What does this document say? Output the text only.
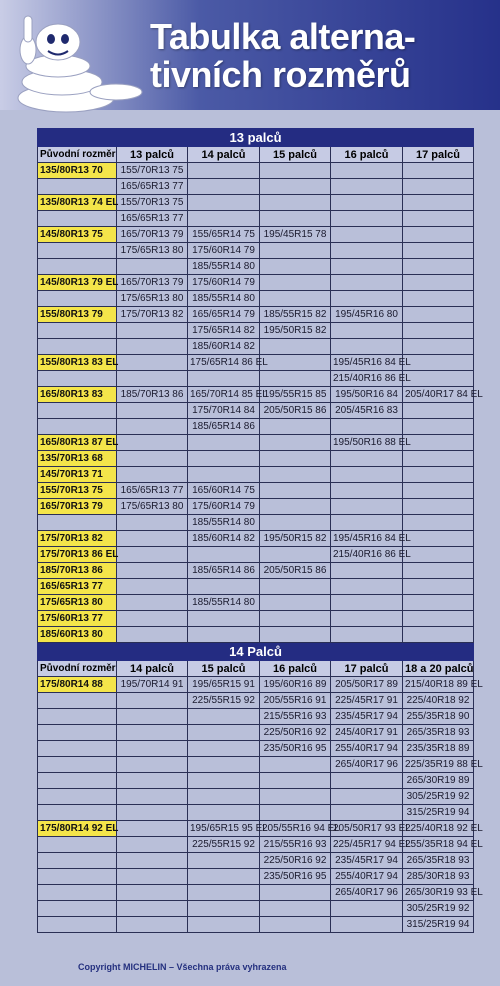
Tabulka alterna-
tivních rozměrů
13 palců					
Původní rozměr	13 palců	14 palců	15 palců	16 palců	17 palců
135/80R13 70	155/70R13 75				
	165/65R13 77				
135/80R13 74 EL	155/70R13 75				
	165/65R13 77				
145/80R13 75	165/70R13 79	155/65R14 75	195/45R15 78		
	175/65R13 80	175/60R14 79			
		185/55R14 80			
145/80R13 79 EL	165/70R13 79	175/60R14 79			
	175/65R13 80	185/55R14 80			
155/80R13 79	175/70R13 82	165/65R14 79	185/55R15 82	195/45R16 80	
		175/65R14 82	195/50R15 82		
		185/60R14 82			
155/80R13 83 EL		175/65R14 86 EL		195/45R16 84 EL	
				215/40R16 86 EL	
165/80R13 83	185/70R13 86	165/70R14 85 EL	195/55R15 85	195/50R16 84	205/40R17 84 EL
		175/70R14 84	205/50R15 86	205/45R16 83	
		185/65R14 86			
165/80R13 87 EL				195/50R16 88 EL	
135/70R13 68					
145/70R13 71					
155/70R13 75	165/65R13 77	165/60R14 75			
165/70R13 79	175/65R13 80	175/60R14 79			
		185/55R14 80			
175/70R13 82		185/60R14 82	195/50R15 82	195/45R16 84 EL	
175/70R13 86 EL				215/40R16 86 EL	
185/70R13 86		185/65R14 86	205/50R15 86		
165/65R13 77					
175/65R13 80		185/55R14 80			
175/60R13 77					
185/60R13 80					
14 Palců					
Původní rozměr	14 palců	15 palců	16 palců	17 palců	18 a 20 palců
175/80R14 88	195/70R14 91	195/65R15 91	195/60R16 89	205/50R17 89	215/40R18 89 EL
		225/55R15 92	205/55R16 91	225/45R17 91	225/40R18 92
			215/55R16 93	235/45R17 94	255/35R18 90
			225/50R16 92	245/40R17 91	265/35R18 93
			235/50R16 95	255/40R17 94	235/35R18 89
				265/40R17 96	225/35R19 88 EL
					265/30R19 89
					305/25R19 92
					315/25R19 94
175/80R14 92 EL		195/65R15 95 EL	205/55R16 94 EL	205/50R17 93 EL	225/40R18 92 EL
		225/55R15 92	215/55R16 93	225/45R17 94 EL	255/35R18 94 EL
			225/50R16 92	235/45R17 94	265/35R18 93
			235/50R16 95	255/40R17 94	285/30R18 93
				265/40R17 96	265/30R19 93 EL
					305/25R19 92
					315/25R19 94
Copyright MICHELIN – Všechna práva vyhrazena
